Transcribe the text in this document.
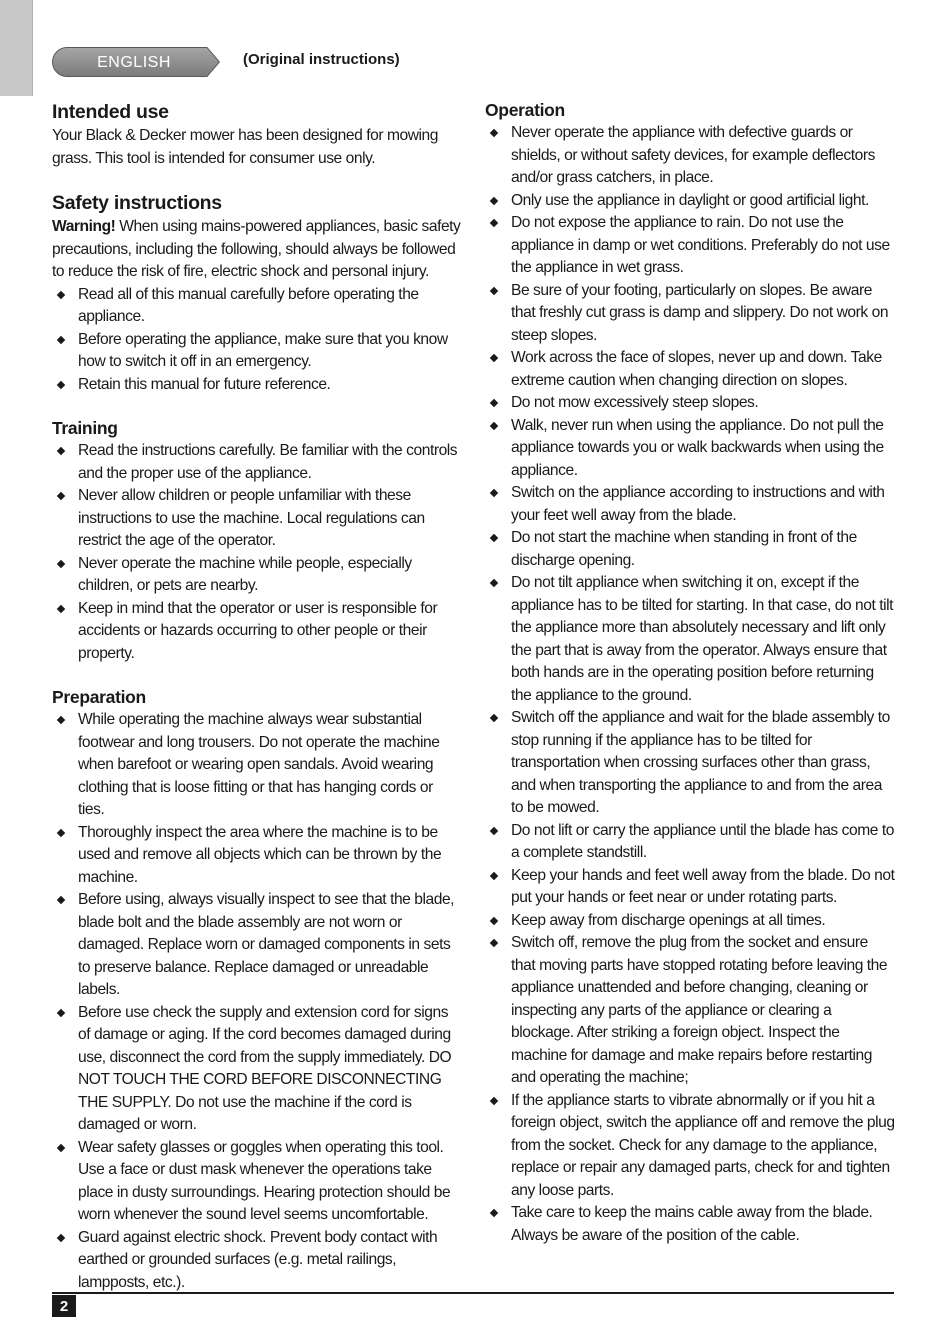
ENGLISH	(Original instructions)
Intended use

Your Black & Decker mower has been designed for mowing grass. This tool is intended for consumer use only.

Safety instructions

Warning! When using mains-powered appliances, basic safety precautions, including the following, should always be followed to reduce the risk of fire, electric shock and personal injury.

Read all of this manual carefully before operating the appliance.
Before operating the appliance, make sure that you know how to switch it off in an emergency.
Retain this manual for future reference.
Training
Read the instructions carefully. Be familiar with the controls and the proper use of the appliance.
Never allow children or people unfamiliar with these instructions to use the machine. Local regulations can restrict the age of the operator.
Never operate the machine while people, especially children, or pets are nearby.
Keep in mind that the operator or user is responsible for accidents or hazards occurring to other people or their property.
Preparation
While operating the machine always wear substantial footwear and long trousers. Do not operate the machine when barefoot or wearing open sandals. Avoid wearing clothing that is loose fitting or that has hanging cords or ties.
Thoroughly inspect the area where the machine is to be used and remove all objects which can be thrown by the machine.
Before using, always visually inspect to see that the blade, blade bolt and the blade assembly are not worn or damaged. Replace worn or damaged components in sets to preserve balance. Replace damaged or unreadable labels.
Before use check the supply and extension cord for signs of damage or aging. If the cord becomes damaged during use, disconnect the cord from the supply immediately. DO NOT TOUCH THE CORD BEFORE DISCONNECTING THE SUPPLY. Do not use the machine if the cord is damaged or worn.
Wear safety glasses or goggles when operating this tool. Use a face or dust mask whenever the operations take place in dusty surroundings. Hearing protection should be worn whenever the sound level seems uncomfortable.
Guard against electric shock. Prevent body contact with earthed or grounded surfaces (e.g. metal railings, lampposts, etc.).
Operation
Never operate the appliance with defective guards or shields, or without safety devices, for example deflectors and/or grass catchers, in place.
Only use the appliance in daylight or good artificial light.
Do not expose the appliance to rain. Do not use the appliance in damp or wet conditions. Preferably do not use the appliance in wet grass.
Be sure of your footing, particularly on slopes. Be aware that freshly cut grass is damp and slippery. Do not work on steep slopes.
Work across the face of slopes, never up and down. Take extreme caution when changing direction on slopes.
Do not mow excessively steep slopes.
Walk, never run when using the appliance. Do not pull the appliance towards you or walk backwards when using the appliance.
Switch on the appliance according to instructions and with your feet well away from the blade.
Do not start the machine when standing in front of the discharge opening.
Do not tilt appliance when switching it on, except if the appliance has to be tilted for starting. In that case, do not tilt the appliance more than absolutely necessary and lift only the part that is away from the operator. Always ensure that both hands are in the operating position before returning the appliance to the ground.
Switch off the appliance and wait for the blade assembly to stop running if the appliance has to be tilted for transportation when crossing surfaces other than grass, and when transporting the appliance to and from the area to be mowed.
Do not lift or carry the appliance until the blade has come to a complete standstill.
Keep your hands and feet well away from the blade. Do not put your hands or feet near or under rotating parts.
Keep away from discharge openings at all times.
Switch off, remove the plug from the socket and ensure that moving parts have stopped rotating before leaving the appliance unattended and before changing, cleaning or inspecting any parts of the appliance or clearing a blockage. After striking a foreign object. Inspect the machine for damage and make repairs before restarting and operating the machine;
If the appliance starts to vibrate abnormally or if you hit a foreign object, switch the appliance off and remove the plug from the socket. Check for any damage to the appliance, replace or repair any damaged parts, check for and tighten any loose parts.
Take care to keep the mains cable away from the blade. Always be aware of the position of the cable.
2
